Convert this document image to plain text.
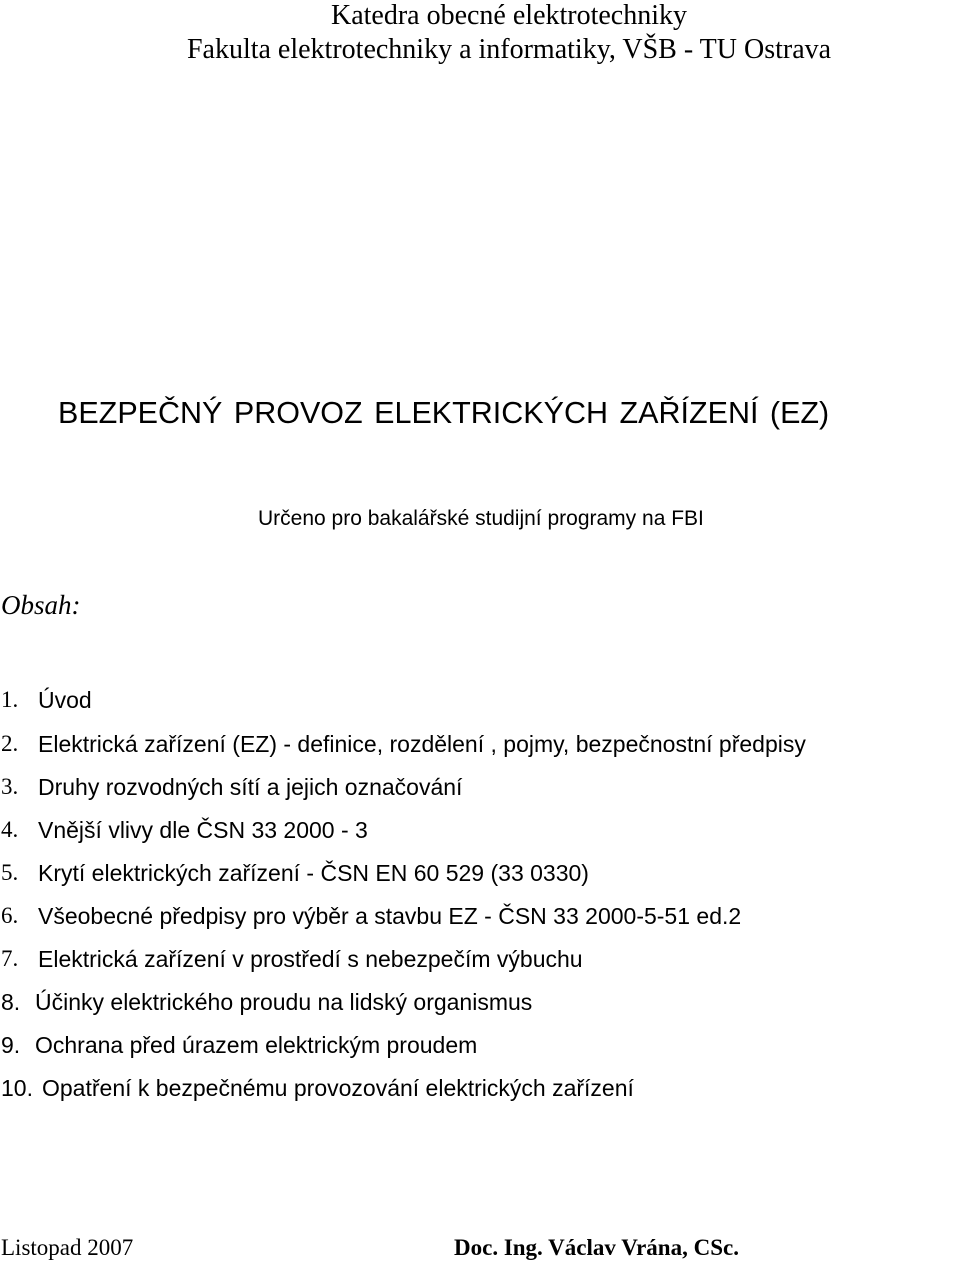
Katedra obecné elektrotechniky
Fakulta elektrotechniky a informatiky, VŠB - TU Ostrava
BEZPEČNÝ PROVOZ ELEKTRICKÝCH ZAŘÍZENÍ (EZ)
Určeno pro bakalářské studijní programy na FBI
Obsah:
1. Úvod
2. Elektrická zařízení (EZ) - definice, rozdělení , pojmy, bezpečnostní předpisy
3. Druhy rozvodných sítí a jejich označování
4. Vnější vlivy dle ČSN 33 2000 - 3
5. Krytí elektrických zařízení - ČSN EN 60 529 (33 0330)
6. Všeobecné předpisy pro výběr a stavbu EZ - ČSN 33 2000-5-51 ed.2
7. Elektrická zařízení v prostředí s nebezpečím výbuchu
8. Účinky elektrického proudu na lidský organismus
9. Ochrana před úrazem elektrickým proudem
10. Opatření k bezpečnému provozování elektrických zařízení
Listopad 2007	Doc. Ing. Václav Vrána, CSc.
